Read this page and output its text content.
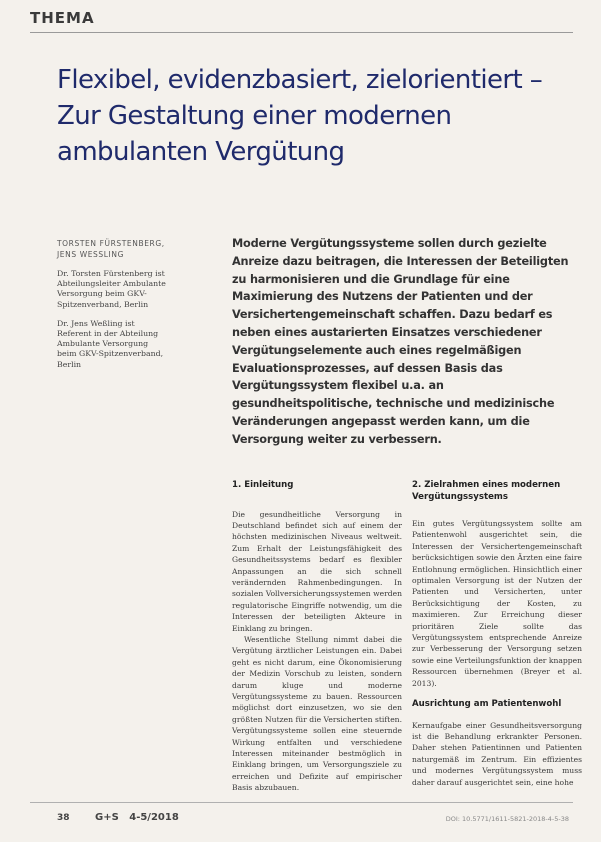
THEMA
Flexibel, evidenzbasiert, zielorientiert –
Zur Gestaltung einer modernen
ambulanten Vergütung
TORSTEN FÜRSTENBERG,
JENS WESSLING
Dr. Torsten Fürstenberg ist Abteilungsleiter Ambulante Versorgung beim GKV-Spitzenverband, Berlin
Dr. Jens Weßling ist Referent in der Abteilung Ambulante Versorgung beim GKV-Spitzenverband, Berlin
Moderne Vergütungssysteme sollen durch gezielte Anreize dazu beitragen, die Interessen der Beteiligten zu harmonisieren und die Grundlage für eine Maximierung des Nutzens der Patienten und der Versichertengemeinschaft schaffen. Dazu bedarf es neben eines austarierten Einsatzes verschiedener Vergütungselemente auch eines regelmäßigen Evaluationsprozesses, auf dessen Basis das Vergütungssystem flexibel u.a. an gesundheitspolitische, technische und medizinische Veränderungen angepasst werden kann, um die Versorgung weiter zu verbessern.
1. Einleitung
Die gesundheitliche Versorgung in Deutschland befindet sich auf einem der höchsten medizinischen Niveaus weltweit. Zum Erhalt der Leistungsfähigkeit des Gesundheitssystems bedarf es flexibler Anpassungen an die sich schnell verändernden Rahmenbedingungen. In sozialen Vollversicherungssystemen werden regulatorische Eingriffe notwendig, um die Interessen der beteiligten Akteure in Einklang zu bringen.
Wesentliche Stellung nimmt dabei die Vergütung ärztlicher Leistungen ein. Dabei geht es nicht darum, eine Ökonomisierung der Medizin Vorschub zu leisten, sondern darum kluge und moderne Vergütungssysteme zu bauen. Ressourcen möglichst dort einzusetzen, wo sie den größten Nutzen für die Versicherten stiften. Vergütungssysteme sollen eine steuernde Wirkung entfalten und verschiedene Interessen miteinander bestmöglich in Einklang bringen, um Versorgungsziele zu erreichen und Defizite auf empirischer Basis abzubauen.
2. Zielrahmen eines modernen Vergütungssystems
Ein gutes Vergütungssystem sollte am Patientenwohl ausgerichtet sein, die Interessen der Versichertengemeinschaft berücksichtigen sowie den Ärzten eine faire Entlohnung ermöglichen. Hinsichtlich einer optimalen Versorgung ist der Nutzen der Patienten und Versicherten, unter Berücksichtigung der Kosten, zu maximieren. Zur Erreichung dieser prioritären Ziele sollte das Vergütungssystem entsprechende Anreize zur Verbesserung der Versorgung setzen sowie eine Verteilungsfunktion der knappen Ressourcen übernehmen (Breyer et al. 2013).
Ausrichtung am Patientenwohl
Kernaufgabe einer Gesundheitsversorgung ist die Behandlung erkrankter Personen. Daher stehen Patientinnen und Patienten naturgemäß im Zentrum. Ein effizientes und modernes Vergütungssystem muss daher darauf ausgerichtet sein, eine hohe
38	G+S   4-5/2018	DOI: 10.5771/1611-5821-2018-4-5-38
